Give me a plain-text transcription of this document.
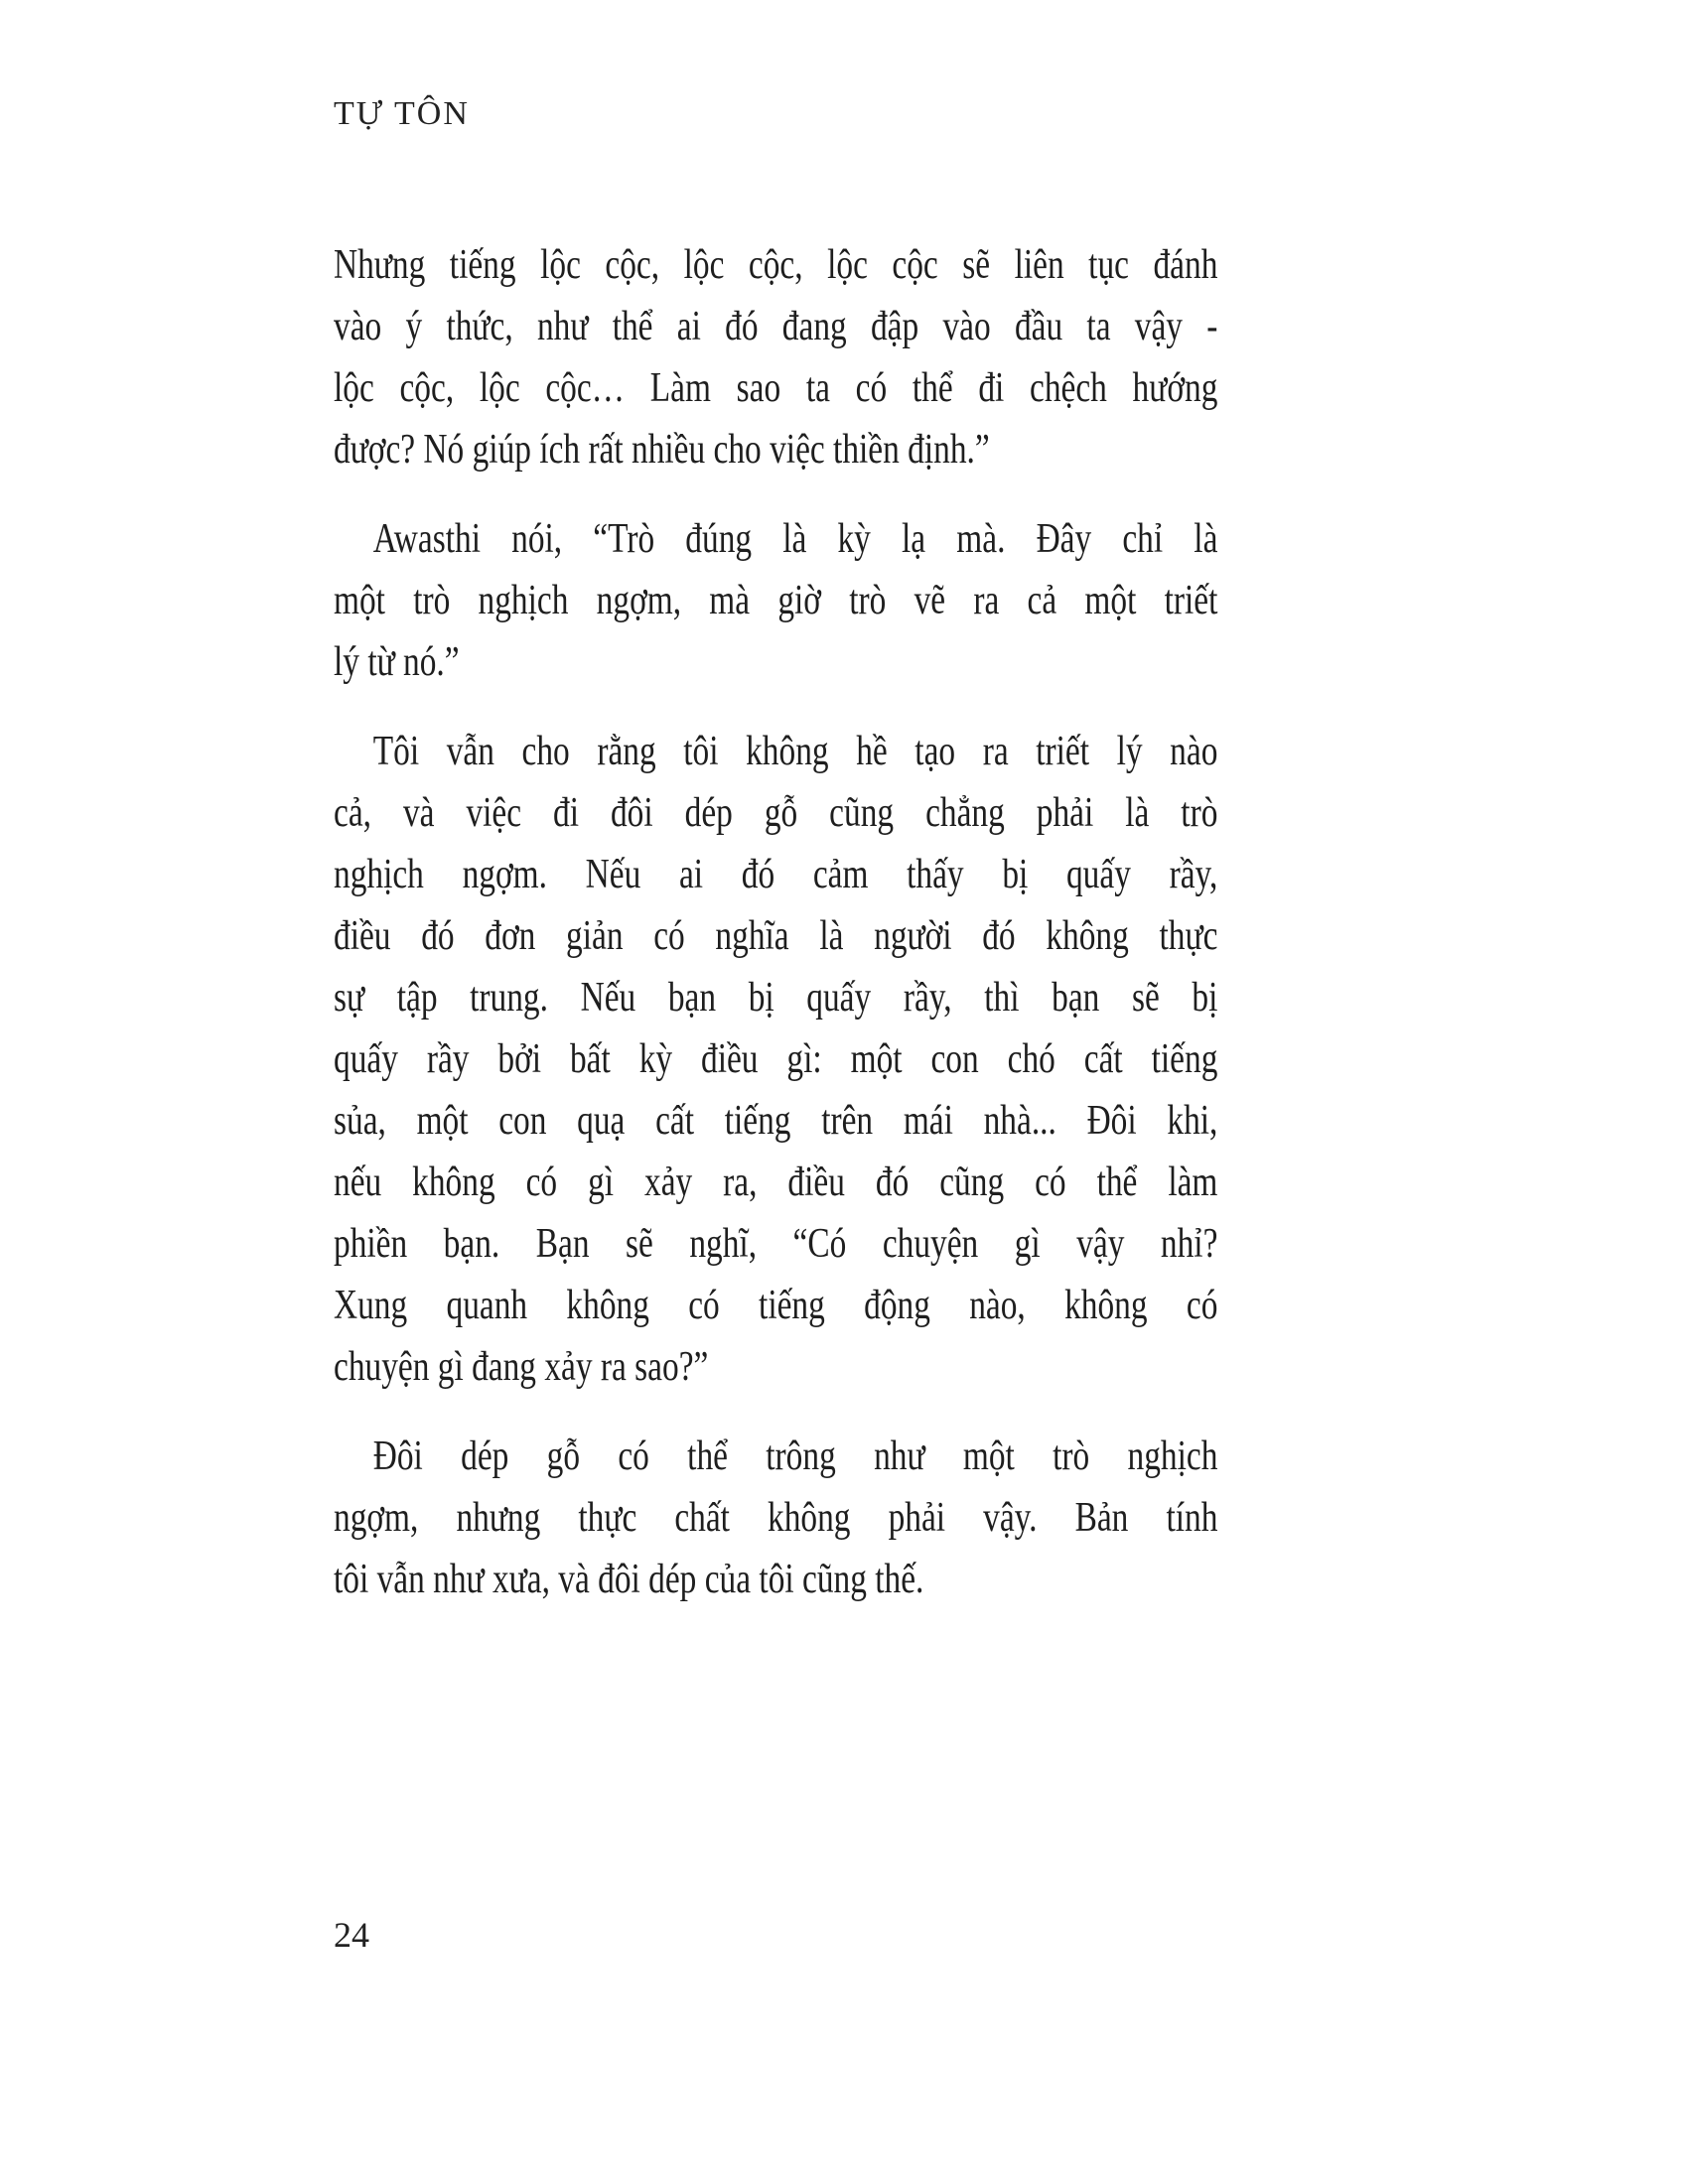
TỰ TÔN
Nhưng tiếng lộc cộc, lộc cộc, lộc cộc sẽ liên tục đánh
vào ý thức, như thể ai đó đang đập vào đầu ta vậy -
lộc cộc, lộc cộc… Làm sao ta có thể đi chệch hướng
được? Nó giúp ích rất nhiều cho việc thiền định.”
Awasthi nói, “Trò đúng là kỳ lạ mà. Đây chỉ là
một trò nghịch ngợm, mà giờ trò vẽ ra cả một triết
lý từ nó.”
Tôi vẫn cho rằng tôi không hề tạo ra triết lý nào
cả, và việc đi đôi dép gỗ cũng chẳng phải là trò
nghịch ngợm. Nếu ai đó cảm thấy bị quấy rầy,
điều đó đơn giản có nghĩa là người đó không thực
sự tập trung. Nếu bạn bị quấy rầy, thì bạn sẽ bị
quấy rầy bởi bất kỳ điều gì: một con chó cất tiếng
sủa, một con quạ cất tiếng trên mái nhà... Đôi khi,
nếu không có gì xảy ra, điều đó cũng có thể làm
phiền bạn. Bạn sẽ nghĩ, “Có chuyện gì vậy nhỉ?
Xung quanh không có tiếng động nào, không có
chuyện gì đang xảy ra sao?”
Đôi dép gỗ có thể trông như một trò nghịch
ngợm, nhưng thực chất không phải vậy. Bản tính
tôi vẫn như xưa, và đôi dép của tôi cũng thế.
24
